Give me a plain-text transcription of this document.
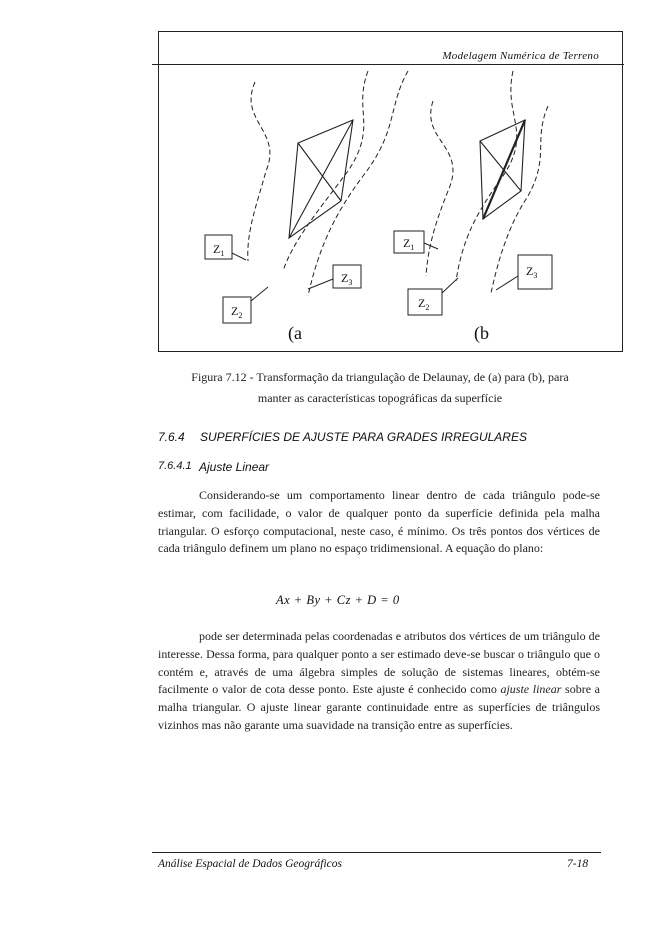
Modelagem Numérica de Terreno
$Z_1$
$Z_3$
$Z_2$
(a
$Z_1$
$Z_3$
$Z_2$
(b
Figura 7.12 - Transformação da triangulação de Delaunay, de (a) para (b), para
manter as características topográficas da superfície
7.6.4 SUPERFÍCIES DE AJUSTE PARA GRADES IRREGULARES
7.6.4.1 Ajuste Linear
Considerando-se um comportamento linear dentro de cada triângulo pode-se estimar, com facilidade, o valor de qualquer ponto da superfície definida pela malha triangular. O esforço computacional, neste caso, é mínimo. Os três pontos dos vértices de cada triângulo definem um plano no espaço tridimensional. A equação do plano:
Ax + By + Cz + D = 0
pode ser determinada pelas coordenadas e atributos dos vértices de um triângulo de interesse. Dessa forma, para qualquer ponto a ser estimado deve-se buscar o triângulo que o contém e, através de uma álgebra simples de solução de sistemas lineares, obtém-se facilmente o valor de cota desse ponto. Este ajuste é conhecido como ajuste linear sobre a malha triangular. O ajuste linear garante continuidade entre as superfícies de triângulos vizinhos mas não garante uma suavidade na transição entre as superfícies.
Análise Espacial de Dados Geográficos	7-18
